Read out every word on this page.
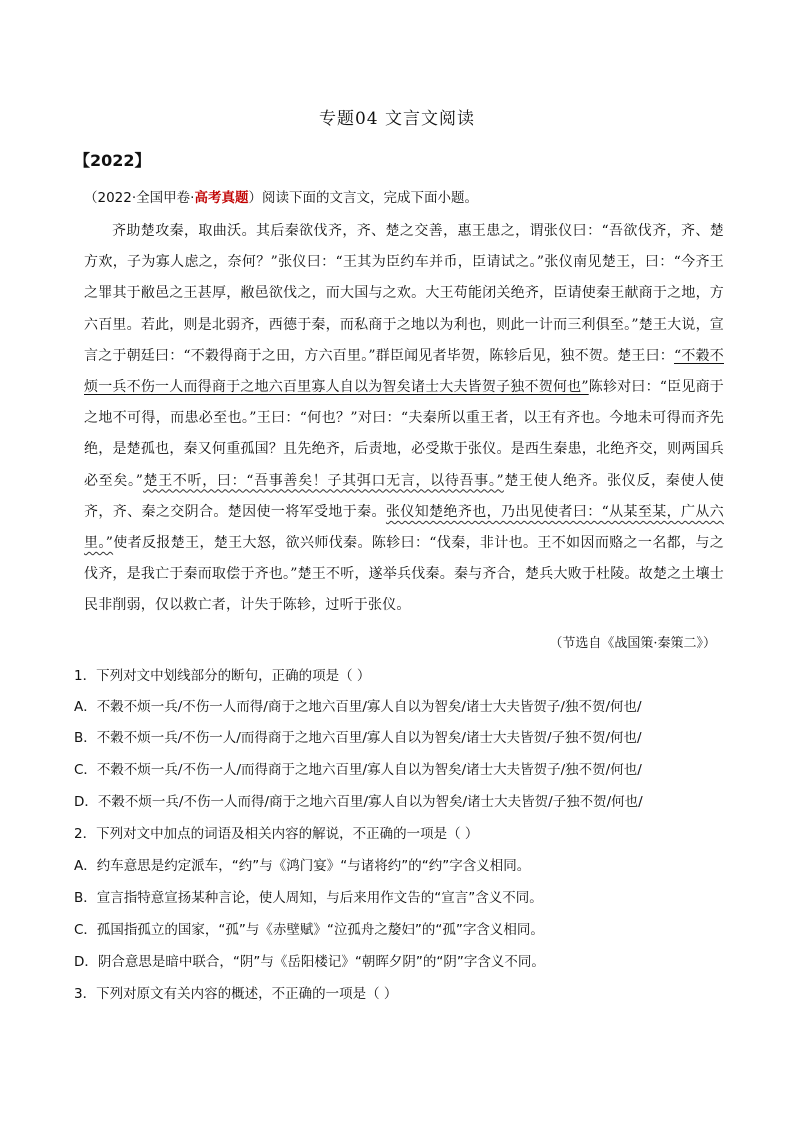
专题04 文言文阅读
【2022】
（2022·全国甲卷·高考真题）阅读下面的文言文，完成下面小题。

齐助楚攻秦，取曲沃。其后秦欲伐齐，齐、楚之交善，惠王患之，谓张仪曰：“吾欲伐齐，齐、楚方欢，子为寡人虑之，奈何？”张仪曰：“王其为臣约车并币，臣请试之。”张仪南见楚王，曰：“今齐王之罪其于敝邑之王甚厚，敝邑欲伐之，而大国与之欢。大王苟能闭关绝齐，臣请使秦王献商于之地，方六百里。若此，则是北弱齐，西德于秦，而私商于之地以为利也，则此一计而三利俱至。”楚王大说，宣言之于朝廷曰：“不穀得商于之田，方六百里。”群臣闻见者毕贺，陈轸后见，独不贺。楚王曰：“不穀不烦一兵不伤一人而得商于之地六百里寡人自以为智矣诸士大夫皆贺子独不贺何也”陈轸对曰：“臣见商于之地不可得，而患必至也。”王曰：“何也？”对曰：“夫秦所以重王者，以王有齐也。今地未可得而齐先绝，是楚孤也，秦又何重孤国？且先绝齐，后责地，必受欺于张仪。是西生秦患，北绝齐交，则两国兵必至矣。”楚王不听，曰：“吾事善矣！子其弭口无言，以待吾事。”楚王使人绝齐。张仪反，秦使人使齐，齐、秦之交阴合。楚因使一将军受地于秦。张仪知楚绝齐也，乃出见使者曰：“从某至某，广从六里。”使者反报楚王，楚王大怒，欲兴师伐秦。陈轸曰：“伐秦，非计也。王不如因而赂之一名都，与之伐齐，是我亡于秦而取偿于齐也。”楚王不听，遂举兵伐秦。秦与齐合，楚兵大败于杜陵。故楚之土壤士民非削弱，仅以救亡者，计失于陈轸，过听于张仪。

（节选自《战国策·秦策二》）
1．下列对文中划线部分的断句，正确的项是（ ）
A．不穀不烦一兵/不伤一人而得/商于之地六百里/寡人自以为智矣/诸士大夫皆贺子/独不贺/何也/
B．不穀不烦一兵/不伤一人/而得商于之地六百里/寡人自以为智矣/诸士大夫皆贺/子独不贺/何也/
C．不穀不烦一兵/不伤一人/而得商于之地六百里/寡人自以为智矣/诸士大夫皆贺子/独不贺/何也/
D．不穀不烦一兵/不伤一人而得/商于之地六百里/寡人自以为智矣/诸士大夫皆贺/子独不贺/何也/
2．下列对文中加点的词语及相关内容的解说，不正确的一项是（ ）
A．约车意思是约定派车，“约”与《鸿门宴》“与诸将约”的“约”字含义相同。
B．宣言指特意宣扬某种言论，使人周知，与后来用作文告的“宣言”含义不同。
C．孤国指孤立的国家，“孤”与《赤壁赋》“泣孤舟之嫠妇”的“孤”字含义相同。
D．阴合意思是暗中联合，“阴”与《岳阳楼记》“朝晖夕阴”的“阴”字含义不同。
3．下列对原文有关内容的概述，不正确的一项是（ ）
